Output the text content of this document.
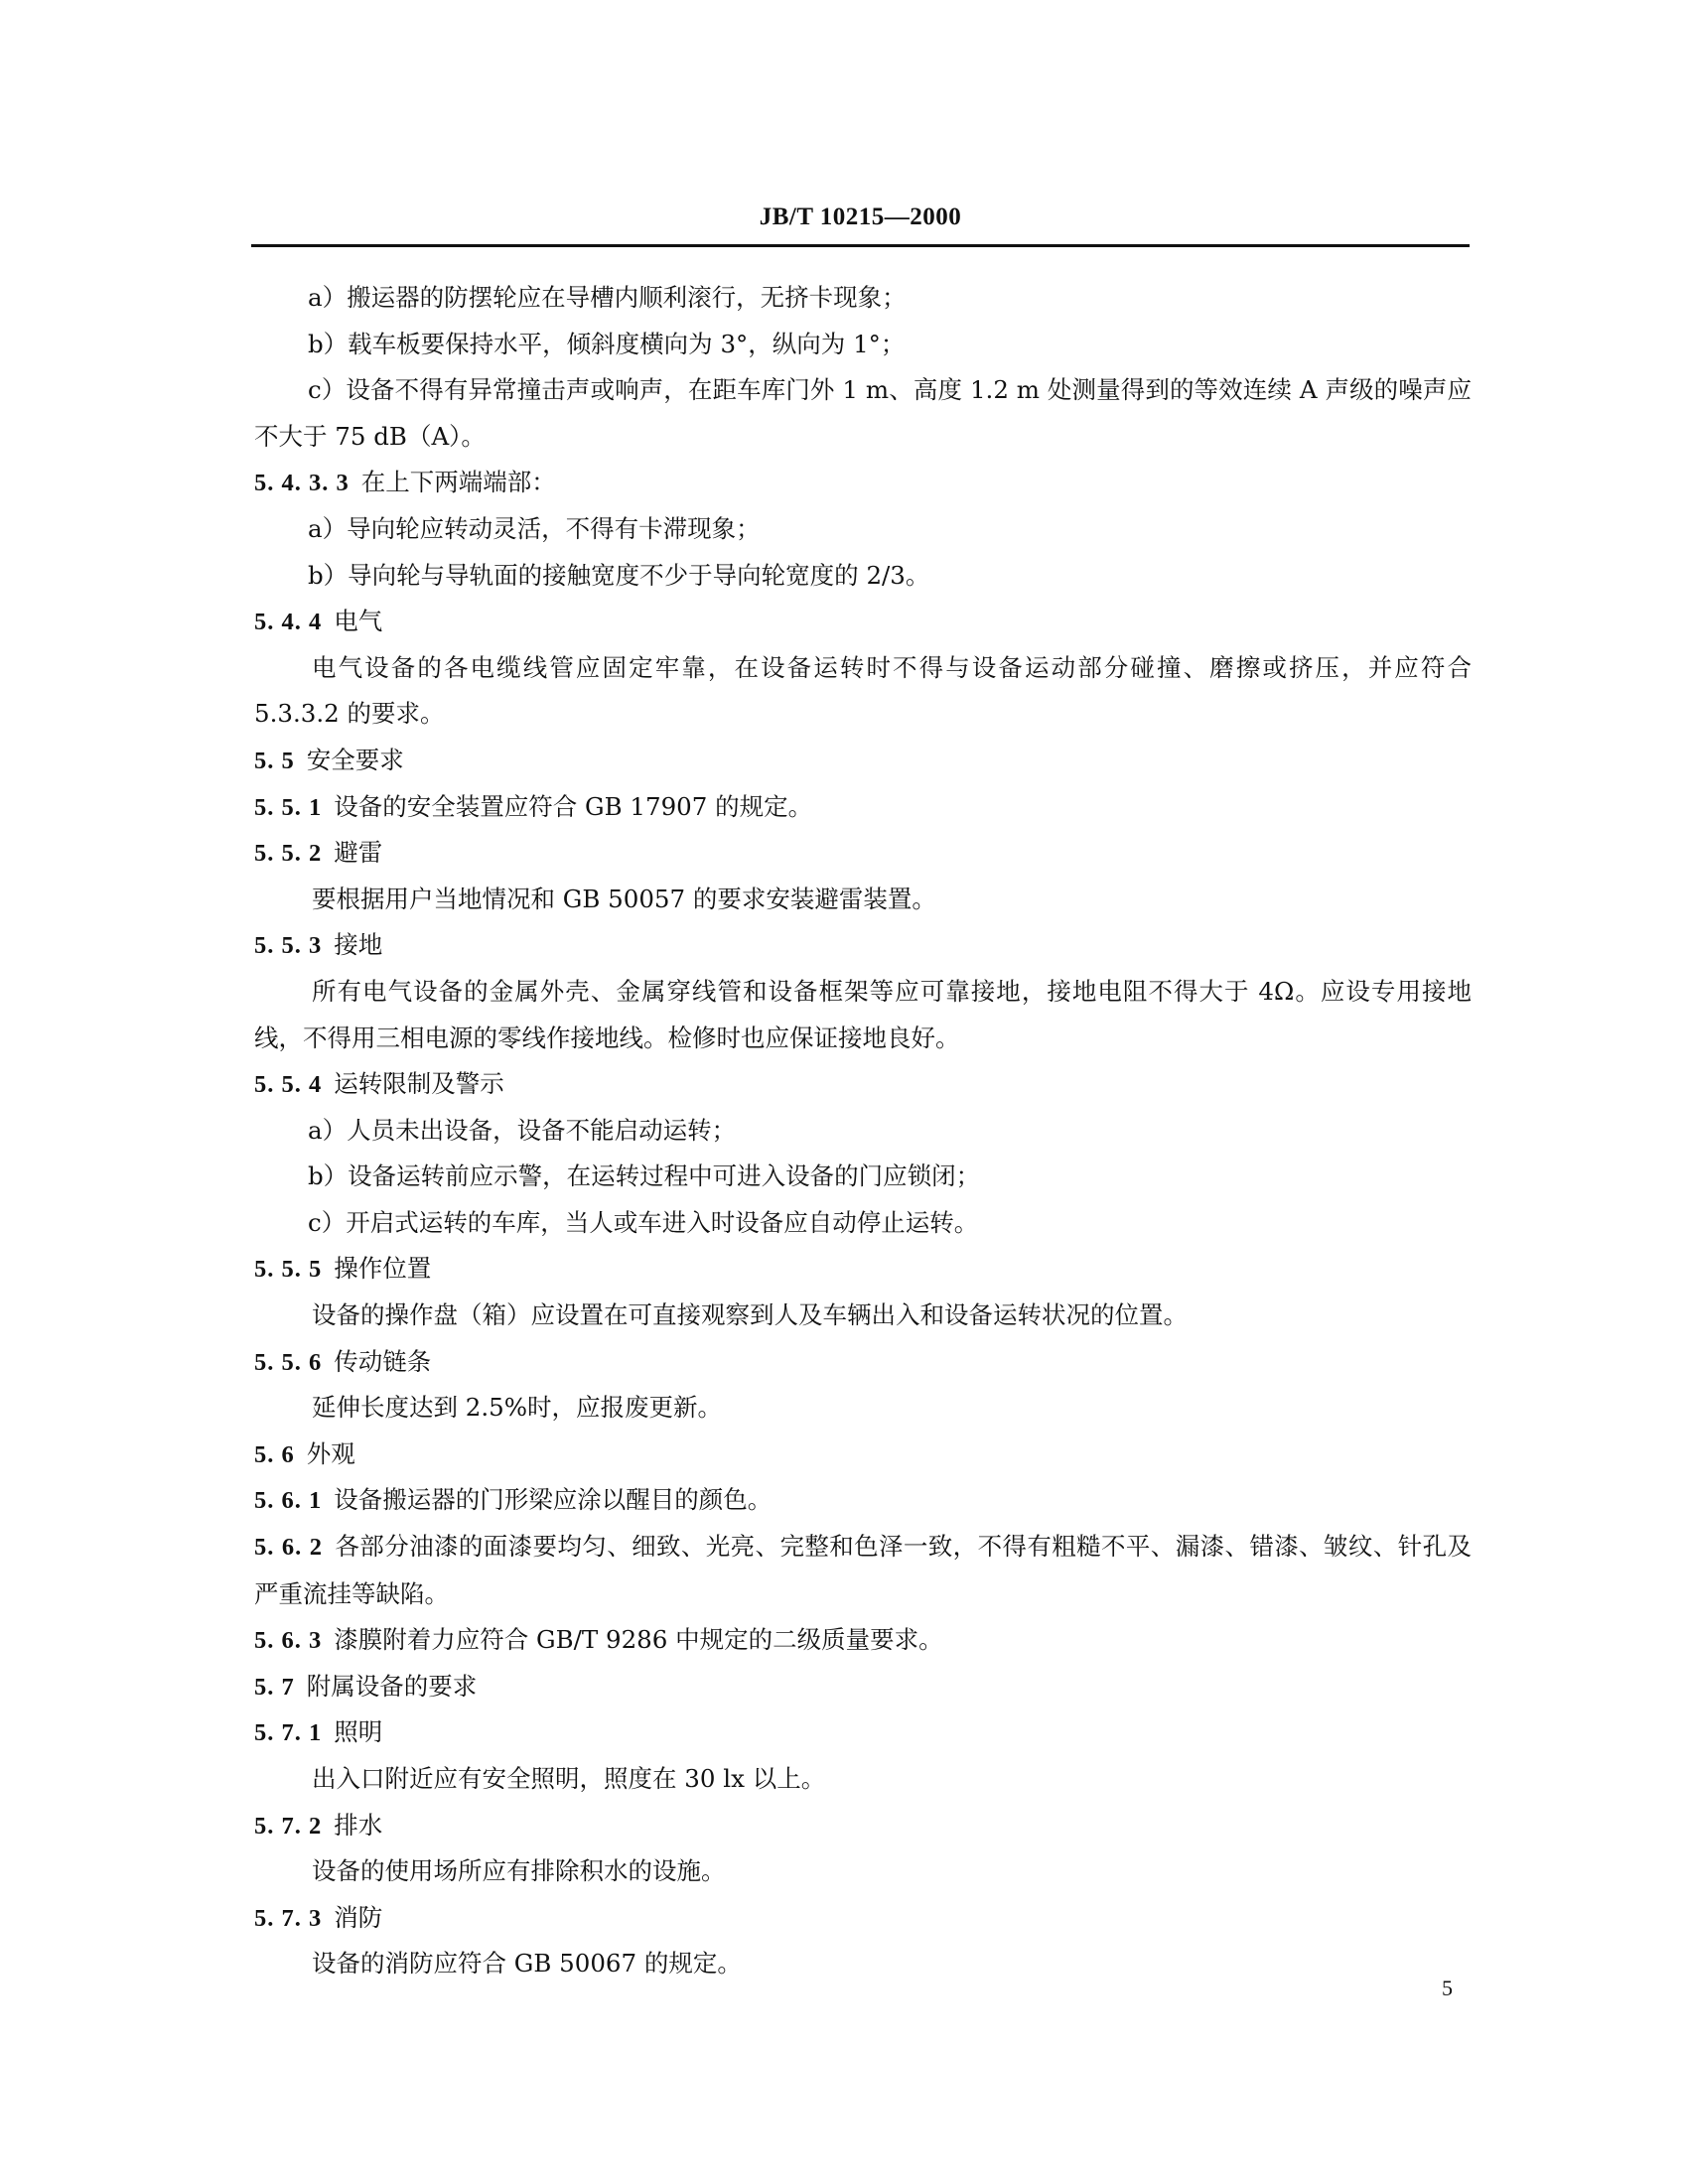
JB/T 10215—2000
a）搬运器的防摆轮应在导槽内顺利滚行，无挤卡现象；
b）载车板要保持水平，倾斜度横向为 3°，纵向为 1°；
c）设备不得有异常撞击声或响声，在距车库门外 1 m、高度 1.2 m 处测量得到的等效连续 A 声级的噪声应不大于 75 dB（A）。
5. 4. 3. 3 在上下两端端部：
a）导向轮应转动灵活，不得有卡滞现象；
b）导向轮与导轨面的接触宽度不少于导向轮宽度的 2/3。
5. 4. 4 电气
电气设备的各电缆线管应固定牢靠，在设备运转时不得与设备运动部分碰撞、磨擦或挤压，并应符合 5.3.3.2 的要求。
5. 5 安全要求
5. 5. 1 设备的安全装置应符合 GB 17907 的规定。
5. 5. 2 避雷
要根据用户当地情况和 GB 50057 的要求安装避雷装置。
5. 5. 3 接地
所有电气设备的金属外壳、金属穿线管和设备框架等应可靠接地，接地电阻不得大于 4Ω。应设专用接地线，不得用三相电源的零线作接地线。检修时也应保证接地良好。
5. 5. 4 运转限制及警示
a）人员未出设备，设备不能启动运转；
b）设备运转前应示警，在运转过程中可进入设备的门应锁闭；
c）开启式运转的车库，当人或车进入时设备应自动停止运转。
5. 5. 5 操作位置
设备的操作盘（箱）应设置在可直接观察到人及车辆出入和设备运转状况的位置。
5. 5. 6 传动链条
延伸长度达到 2.5%时，应报废更新。
5. 6 外观
5. 6. 1 设备搬运器的门形梁应涂以醒目的颜色。
5. 6. 2 各部分油漆的面漆要均匀、细致、光亮、完整和色泽一致，不得有粗糙不平、漏漆、错漆、皱纹、针孔及严重流挂等缺陷。
5. 6. 3 漆膜附着力应符合 GB/T 9286 中规定的二级质量要求。
5. 7 附属设备的要求
5. 7. 1 照明
出入口附近应有安全照明，照度在 30 lx 以上。
5. 7. 2 排水
设备的使用场所应有排除积水的设施。
5. 7. 3 消防
设备的消防应符合 GB 50067 的规定。
5
